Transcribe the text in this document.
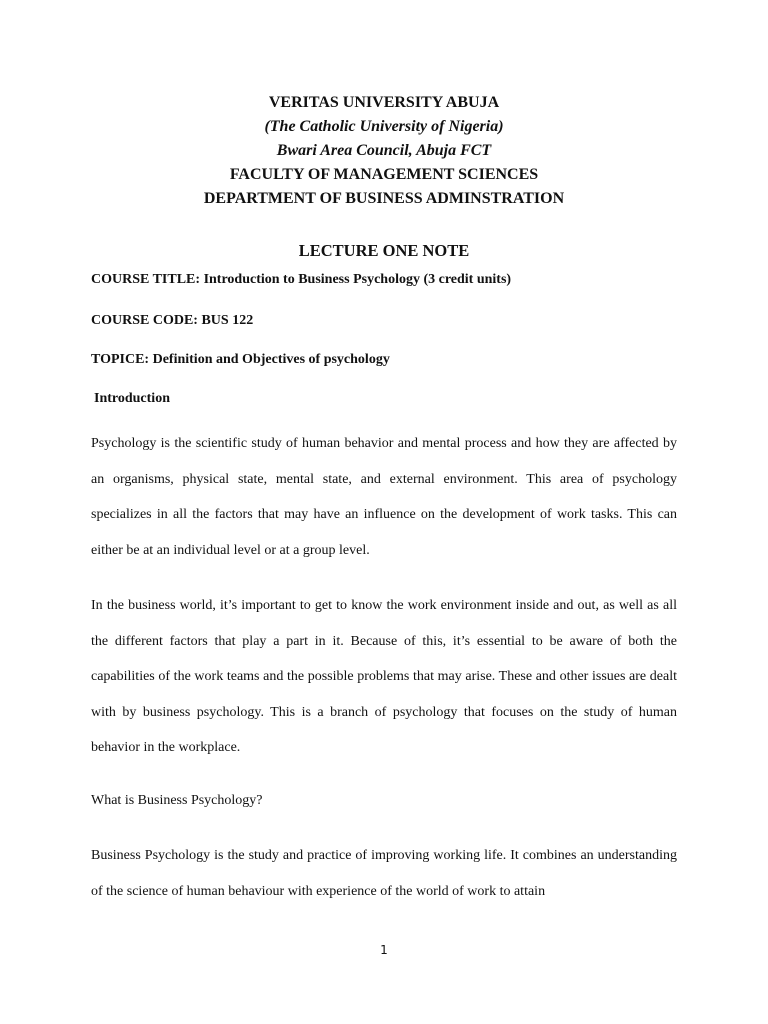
VERITAS UNIVERSITY ABUJA
(The Catholic University of Nigeria)
Bwari Area Council, Abuja FCT
FACULTY OF MANAGEMENT SCIENCES
DEPARTMENT OF BUSINESS ADMINSTRATION
LECTURE ONE NOTE
COURSE TITLE: Introduction to Business Psychology (3 credit units)
COURSE CODE: BUS 122
TOPICE: Definition and Objectives of psychology
Introduction

Psychology is the scientific study of human behavior and mental process and how they are affected by an organisms, physical state, mental state, and external environment. This area of psychology specializes in all the factors that may have an influence on the development of work tasks. This can either be at an individual level or at a group level.

In the business world, it’s important to get to know the work environment inside and out, as well as all the different factors that play a part in it. Because of this, it’s essential to be aware of both the capabilities of the work teams and the possible problems that may arise. These and other issues are dealt with by business psychology. This is a branch of psychology that focuses on the study of human behavior in the workplace.

What is Business Psychology?

Business Psychology is the study and practice of improving working life. It combines an understanding of the science of human behaviour with experience of the world of work to attain

1
